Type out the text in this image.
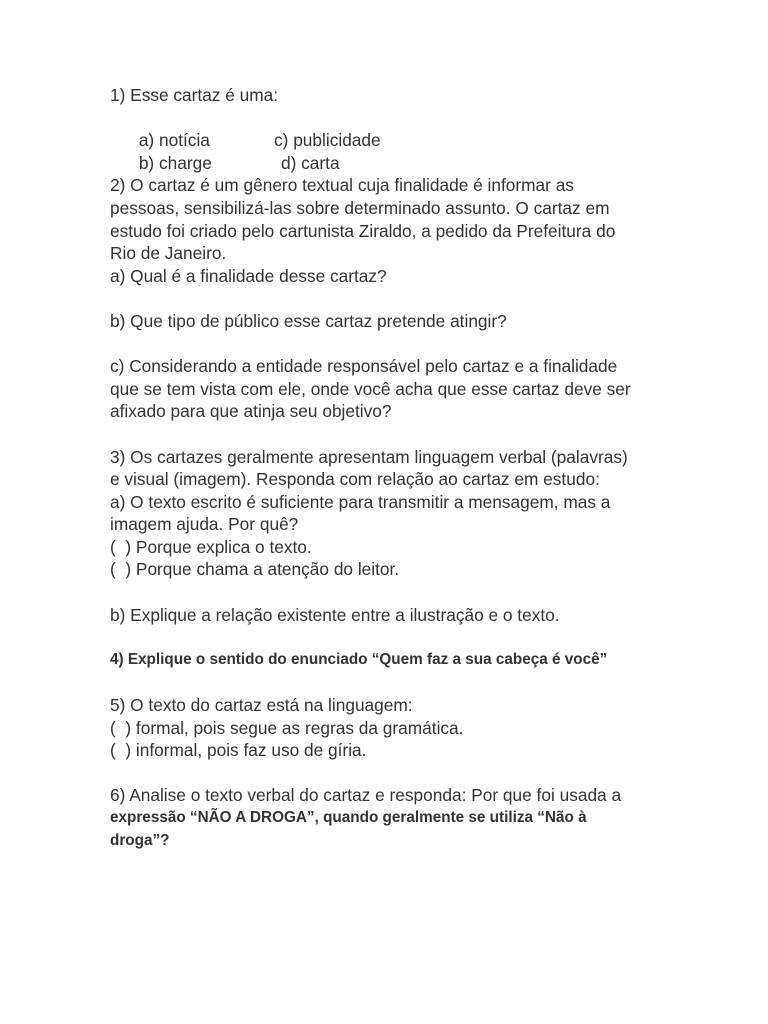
1) Esse cartaz é uma:

a) notícia	c) publicidade

b) charge	d) carta

2) O cartaz é um gênero textual cuja finalidade é informar as
pessoas, sensibilizá-las sobre determinado assunto. O cartaz em
estudo foi criado pelo cartunista Ziraldo, a pedido da Prefeitura do
Rio de Janeiro.
a) Qual é a finalidade desse cartaz?
b) Que tipo de público esse cartaz pretende atingir?
c) Considerando a entidade responsável pelo cartaz e a finalidade
que se tem vista com ele, onde você acha que esse cartaz deve ser
afixado para que atinja seu objetivo?
3) Os cartazes geralmente apresentam linguagem verbal (palavras)
e visual (imagem). Responda com relação ao cartaz em estudo:
a) O texto escrito é suficiente para transmitir a mensagem, mas a
imagem ajuda. Por quê?
(  ) Porque explica o texto.
(  ) Porque chama a atenção do leitor.
b) Explique a relação existente entre a ilustração e o texto.
4) Explique o sentido do enunciado “Quem faz a sua cabeça é você”
5) O texto do cartaz está na linguagem:
(  ) formal, pois segue as regras da gramática.
(  ) informal, pois faz uso de gíria.
6) Analise o texto verbal do cartaz e responda: Por que foi usada a
expressão “NÃO A DROGA”, quando geralmente se utiliza “Não à
droga”?
